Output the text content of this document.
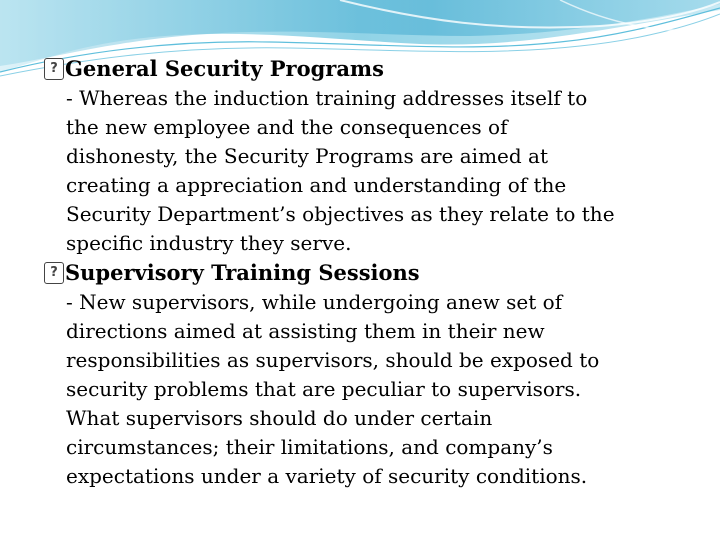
?General Security Programs
- Whereas the induction training addresses itself to
the new employee and the consequences of
dishonesty, the Security Programs are aimed at
creating a appreciation and understanding of the
Security Department’s objectives as they relate to the
specific industry they serve.
?Supervisory Training Sessions
- New supervisors, while undergoing anew set of
directions aimed at assisting them in their new
responsibilities as supervisors, should be exposed to
security problems that are peculiar to supervisors.
What supervisors should do under certain
circumstances; their limitations, and company’s
expectations under a variety of security conditions.
